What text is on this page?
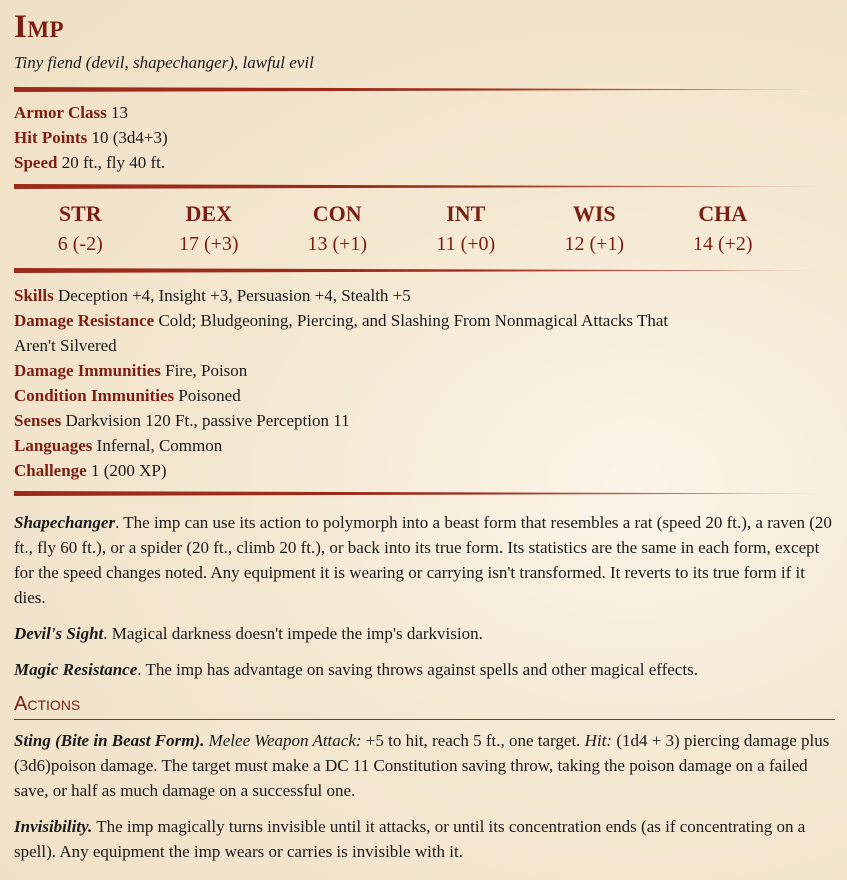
Imp
Tiny fiend (devil, shapechanger), lawful evil
Armor Class 13
Hit Points 10 (3d4+3)
Speed 20 ft., fly 40 ft.
STR
6 (-2)
DEX
17 (+3)
CON
13 (+1)
INT
11 (+0)
WIS
12 (+1)
CHA
14 (+2)
Skills Deception +4, Insight +3, Persuasion +4, Stealth +5
Damage Resistance Cold; Bludgeoning, Piercing, and Slashing From Nonmagical Attacks That
Aren't Silvered
Damage Immunities Fire, Poison
Condition Immunities Poisoned
Senses Darkvision 120 Ft., passive Perception 11
Languages Infernal, Common
Challenge 1 (200 XP)

Shapechanger. The imp can use its action to polymorph into a beast form that resembles a rat (speed 20 ft.), a raven (20 ft., fly 60 ft.), or a spider (20 ft., climb 20 ft.), or back into its true form. Its statistics are the same in each form, except for the speed changes noted. Any equipment it is wearing or carrying isn't transformed. It reverts to its true form if it dies.

Devil's Sight. Magical darkness doesn't impede the imp's darkvision.

Magic Resistance. The imp has advantage on saving throws against spells and other magical effects.

Actions

Sting (Bite in Beast Form). Melee Weapon Attack: +5 to hit, reach 5 ft., one target. Hit: (1d4 + 3) piercing damage plus (3d6)poison damage. The target must make a DC 11 Constitution saving throw, taking the poison damage on a failed save, or half as much damage on a successful one.

Invisibility. The imp magically turns invisible until it attacks, or until its concentration ends (as if concentrating on a spell). Any equipment the imp wears or carries is invisible with it.
